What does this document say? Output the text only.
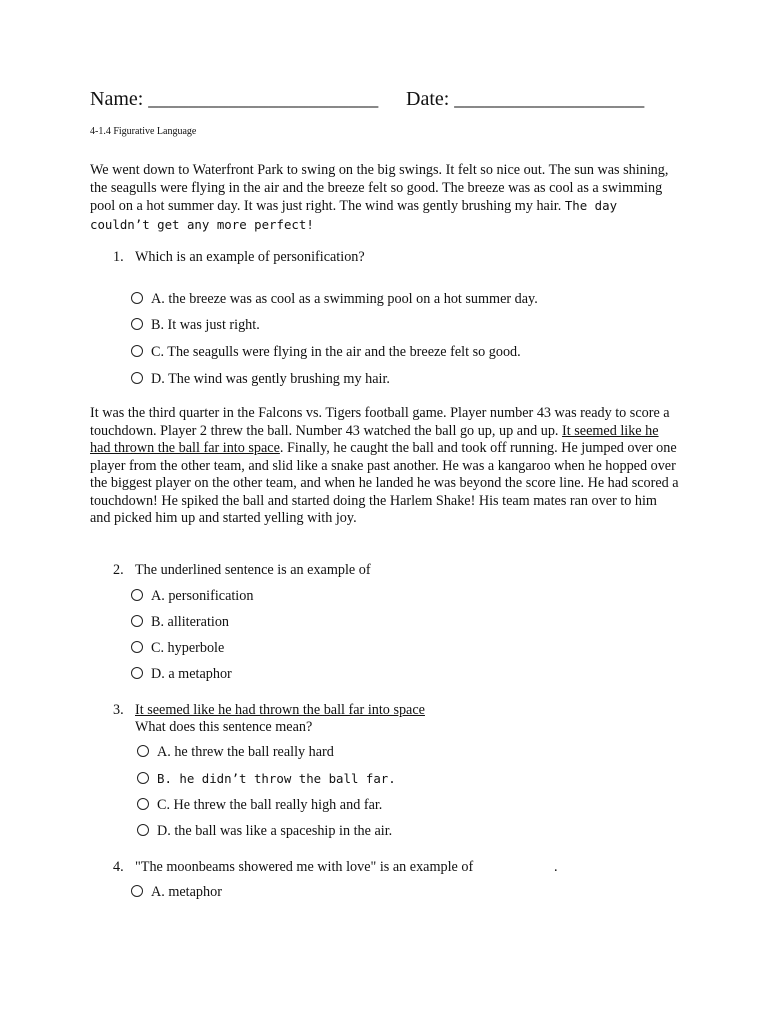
Name: _______________________ Date: ___________________
4-1.4 Figurative Language

We went down to Waterfront Park to swing on the big swings. It felt so nice out. The sun was shining, the seagulls were flying in the air and the breeze felt so good. The breeze was as cool as a swimming pool on a hot summer day. It was just right. The wind was gently brushing my hair. The day couldn’t get any more perfect!

1. Which is an example of personification?
A. the breeze was as cool as a swimming pool on a hot summer day.
B. It was just right.
C. The seagulls were flying in the air and the breeze felt so good.
D. The wind was gently brushing my hair.

It was the third quarter in the Falcons vs. Tigers football game. Player number 43 was ready to score a touchdown. Player 2 threw the ball. Number 43 watched the ball go up, up and up. It seemed like he had thrown the ball far into space. Finally, he caught the ball and took off running. He jumped over one player from the other team, and slid like a snake past another. He was a kangaroo when he hopped over the biggest player on the other team, and when he landed he was beyond the score line. He had scored a touchdown! He spiked the ball and started doing the Harlem Shake! His team mates ran over to him and picked him up and started yelling with joy.

2. The underlined sentence is an example of
A. personification
B. alliteration
C. hyperbole
D. a metaphor
3. It seemed like he had thrown the ball far into space
What does this sentence mean?
A. he threw the ball really hard
B. he didn’t throw the ball far.
C. He threw the ball really high and far.
D. the ball was like a spaceship in the air.
4. "The moonbeams showered me with love" is an example of	.
A. metaphor
